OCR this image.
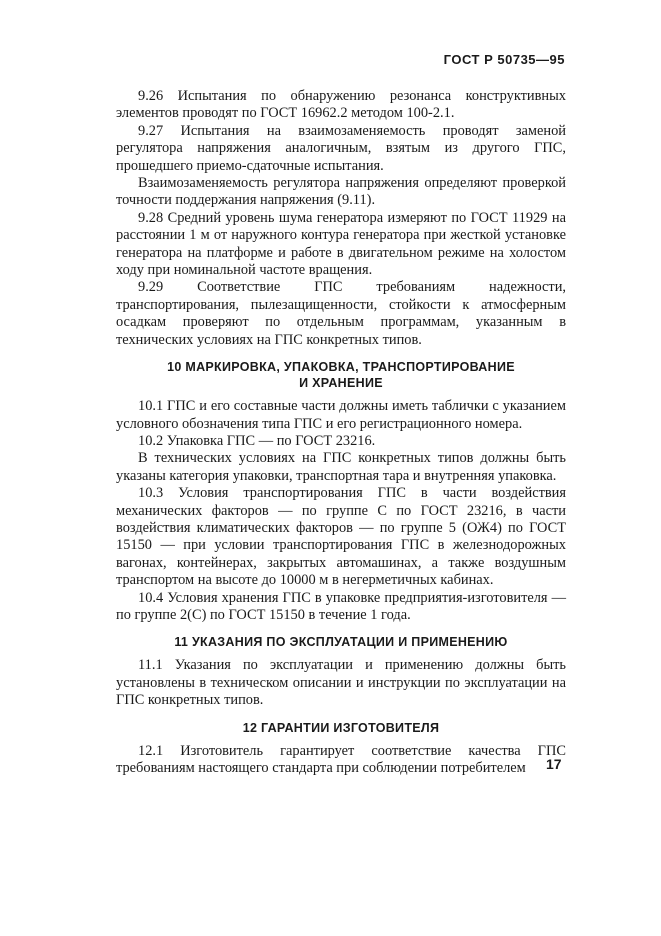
ГОСТ Р 50735—95

9.26 Испытания по обнаружению резонанса конструктивных элементов проводят по ГОСТ 16962.2 методом 100-2.1.

9.27 Испытания на взаимозаменяемость проводят заменой регулятора напряжения аналогичным, взятым из другого ГПС, прошедшего приемо-сдаточные испытания.

Взаимозаменяемость регулятора напряжения определяют проверкой точности поддержания напряжения (9.11).

9.28 Средний уровень шума генератора измеряют по ГОСТ 11929 на расстоянии 1 м от наружного контура генератора при жесткой установке генератора на платформе и работе в двигательном режиме на холостом ходу при номинальной частоте вращения.

9.29 Соответствие ГПС требованиям надежности, транспортирования, пылезащищенности, стойкости к атмосферным осадкам проверяют по отдельным программам, указанным в технических условиях на ГПС конкретных типов.

10 МАРКИРОВКА, УПАКОВКА, ТРАНСПОРТИРОВАНИЕ
И ХРАНЕНИЕ

10.1 ГПС и его составные части должны иметь таблички с указанием условного обозначения типа ГПС и его регистрационного номера.

10.2 Упаковка ГПС — по ГОСТ 23216.

В технических условиях на ГПС конкретных типов должны быть указаны категория упаковки, транспортная тара и внутренняя упаковка.

10.3 Условия транспортирования ГПС в части воздействия механических факторов — по группе С по ГОСТ 23216, в части воздействия климатических факторов — по группе 5 (ОЖ4) по ГОСТ 15150 — при условии транспортирования ГПС в железнодорожных вагонах, контейнерах, закрытых автомашинах, а также воздушным транспортом на высоте до 10000 м в негерметичных кабинах.

10.4 Условия хранения ГПС в упаковке предприятия-изготовителя — по группе 2(С) по ГОСТ 15150 в течение 1 года.

11 УКАЗАНИЯ ПО ЭКСПЛУАТАЦИИ И ПРИМЕНЕНИЮ

11.1 Указания по эксплуатации и применению должны быть установлены в техническом описании и инструкции по эксплуатации на ГПС конкретных типов.

12 ГАРАНТИИ ИЗГОТОВИТЕЛЯ

12.1 Изготовитель гарантирует соответствие качества ГПС требованиям настоящего стандарта при соблюдении потребителем	17
